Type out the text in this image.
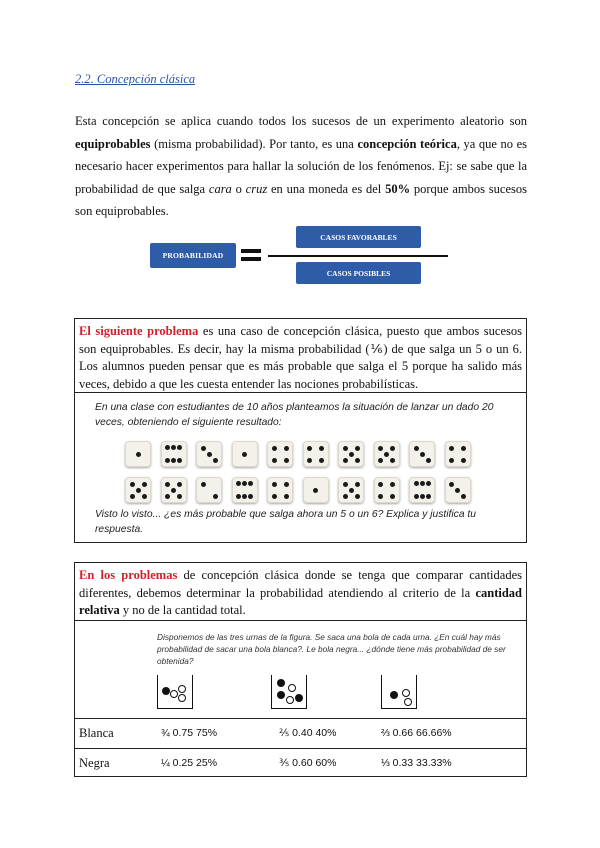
2.2. Concepción clásica
Esta concepción se aplica cuando todos los sucesos de un experimento aleatorio son equiprobables (misma probabilidad). Por tanto, es una concepción teórica, ya que no es necesario hacer experimentos para hallar la solución de los fenómenos. Ej: se sabe que la probabilidad de que salga cara o cruz en una moneda es del 50% porque ambos sucesos son equiprobables.
PROBABILIDAD
CASOS FAVORABLES
CASOS POSIBLES
El siguiente problema es una caso de concepción clásica, puesto que ambos sucesos son equiprobables. Es decir, hay la misma probabilidad (⅙) de que salga un 5 o un 6. Los alumnos pueden pensar que es más probable que salga el 5 porque ha salido más veces, debido a que les cuesta entender las nociones probabilísticas.
En una clase con estudiantes de 10 años planteamos la situación de lanzar un dado 20 veces, obteniendo el siguiente resultado:
Visto lo visto... ¿es más probable que salga ahora un 5 o un 6? Explica y justifica tu respuesta.
En los problemas de concepción clásica donde se tenga que comparar cantidades diferentes, debemos determinar la probabilidad atendiendo al criterio de la cantidad relativa y no de la cantidad total.
Disponemos de las tres urnas de la figura. Se saca una bola de cada urna. ¿En cuál hay más probabilidad de sacar una bola blanca?. Le bola negra... ¿dónde tiene más probabilidad de ser obtenida?
Blanca	¾ 0.75 75%	⅖ 0.40 40%	⅔ 0.66 66.66%
Negra	¼ 0.25 25%	⅗ 0.60 60%	⅓ 0.33 33.33%
